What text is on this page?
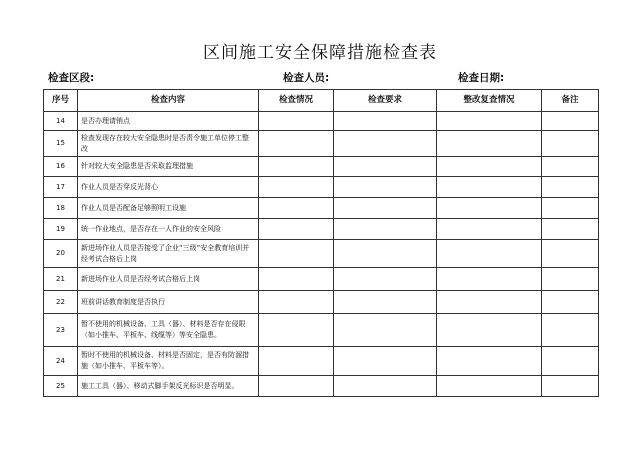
区间施工安全保障措施检查表
检查区段:	检查人员:	检查日期:
序号	检查内容	检查情况	检查要求	整改复查情况	备注
14	是否办理请销点				
15	检查发现存在较大安全隐患时是否责令施工单位停工整改				
16	针对较大安全隐患是否采取监理措施				
17	作业人员是否穿反光背心				
18	作业人员是否配备足够照明工设施				
19	统一作业地点，是否存在一人作业的安全风险				
20	新进场作业人员是否接受了企业“三级”安全教育培训并经考试合格后上岗				
21	新进场作业人员是否经考试合格后上岗				
22	班前讲话教育制度是否执行				
23	暂不使用的机械设备、工具（器）、材料是否存在侵限（如小推车、平板车、线缆等）等安全隐患。				
24	暂时不使用的机械设备、材料是否固定，是否有防溜措施（如小推车、平板车等）。				
25	施工工具（器）、移动式脚手架反光标识是否明显。				
